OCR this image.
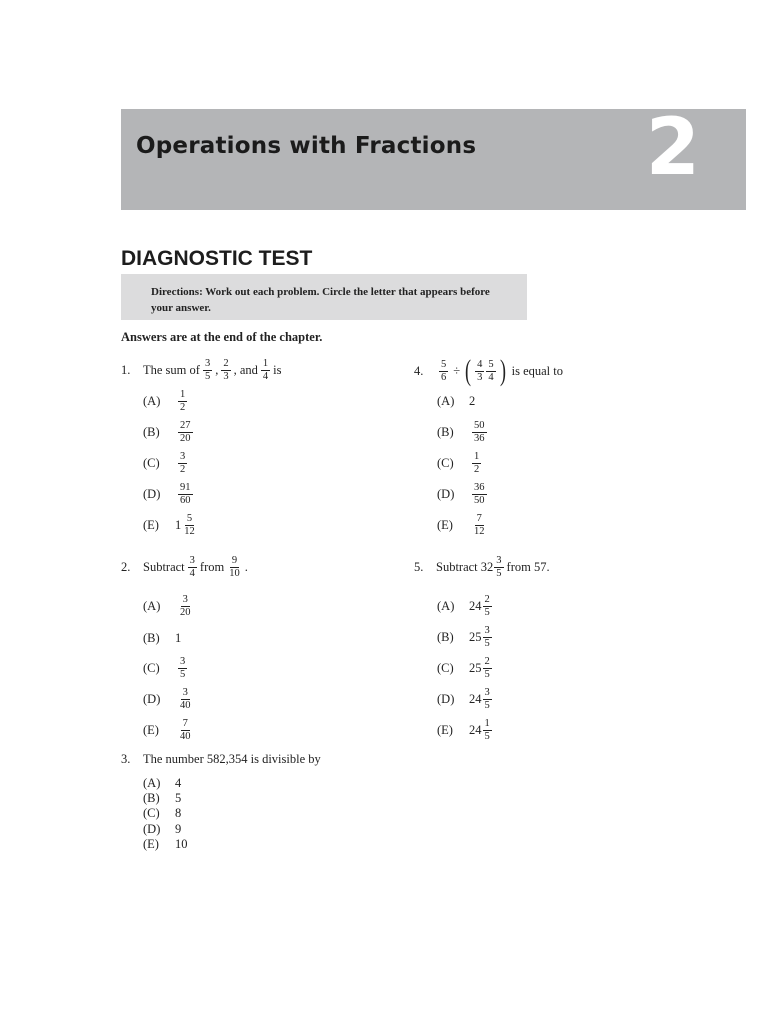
Operations with Fractions 2
DIAGNOSTIC TEST
Directions: Work out each problem. Circle the letter that appears before your answer.
Answers are at the end of the chapter.
1.	The sum of $\frac{3}{5}$ , $\frac{2}{3}$ , and $\frac{1}{4}$ is
(A)	$\frac{1}{2}$
(B)	$\frac{27}{20}$
(C)	$\frac{3}{2}$
(D)	$\frac{91}{60}$
(E)	$1 \frac{5}{12}$
2.	Subtract $\frac{3}{4}$ from $\frac{9}{10}$ .
(A)	$\frac{3}{20}$
(B)	1
(C)	$\frac{3}{5}$
(D)	$\frac{3}{40}$
(E)	$\frac{7}{40}$
3.	The number 582,354 is divisible by
(A)	4
(B)	5
(C)	8
(D)	9
(E)	10
4.	$\frac{5}{6}$ ÷ ( $\frac{4}{3} \frac{5}{4}$ ) is equal to
(A)	2
(B)	$\frac{50}{36}$
(C)	$\frac{1}{2}$
(D)	$\frac{36}{50}$
(E)	$\frac{7}{12}$
5.	Subtract $32 \frac{3}{5}$ from 57.
(A)	$24 \frac{2}{5}$
(B)	$25 \frac{3}{5}$
(C)	$25 \frac{2}{5}$
(D)	$24 \frac{3}{5}$
(E)	$24 \frac{1}{5}$
